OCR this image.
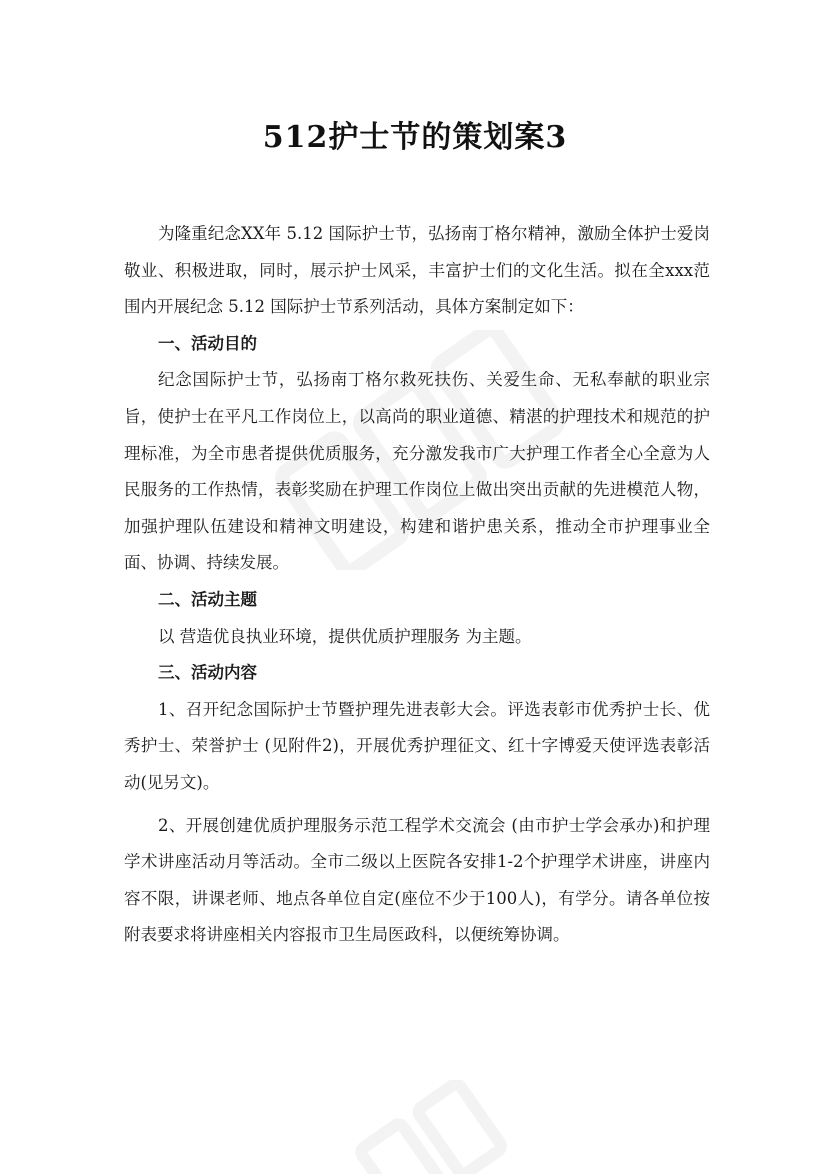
512护士节的策划案3

为隆重纪念XX年 5.12 国际护士节，弘扬南丁格尔精神，激励全体护士爱岗敬业、积极进取，同时，展示护士风采，丰富护士们的文化生活。拟在全xxx范围内开展纪念 5.12 国际护士节系列活动，具体方案制定如下：

一、活动目的

纪念国际护士节，弘扬南丁格尔救死扶伤、关爱生命、无私奉献的职业宗旨，使护士在平凡工作岗位上，以高尚的职业道德、精湛的护理技术和规范的护理标准，为全市患者提供优质服务，充分激发我市广大护理工作者全心全意为人民服务的工作热情，表彰奖励在护理工作岗位上做出突出贡献的先进模范人物，加强护理队伍建设和精神文明建设，构建和谐护患关系，推动全市护理事业全面、协调、持续发展。

二、活动主题

以 营造优良执业环境，提供优质护理服务 为主题。

三、活动内容

1、召开纪念国际护士节暨护理先进表彰大会。评选表彰市优秀护士长、优秀护士、荣誉护士 (见附件2)，开展优秀护理征文、红十字博爱天使评选表彰活动(见另文)。

2、开展创建优质护理服务示范工程学术交流会 (由市护士学会承办)和护理学术讲座活动月等活动。全市二级以上医院各安排1-2个护理学术讲座，讲座内容不限，讲课老师、地点各单位自定(座位不少于100人)，有学分。请各单位按附表要求将讲座相关内容报市卫生局医政科，以便统筹协调。
